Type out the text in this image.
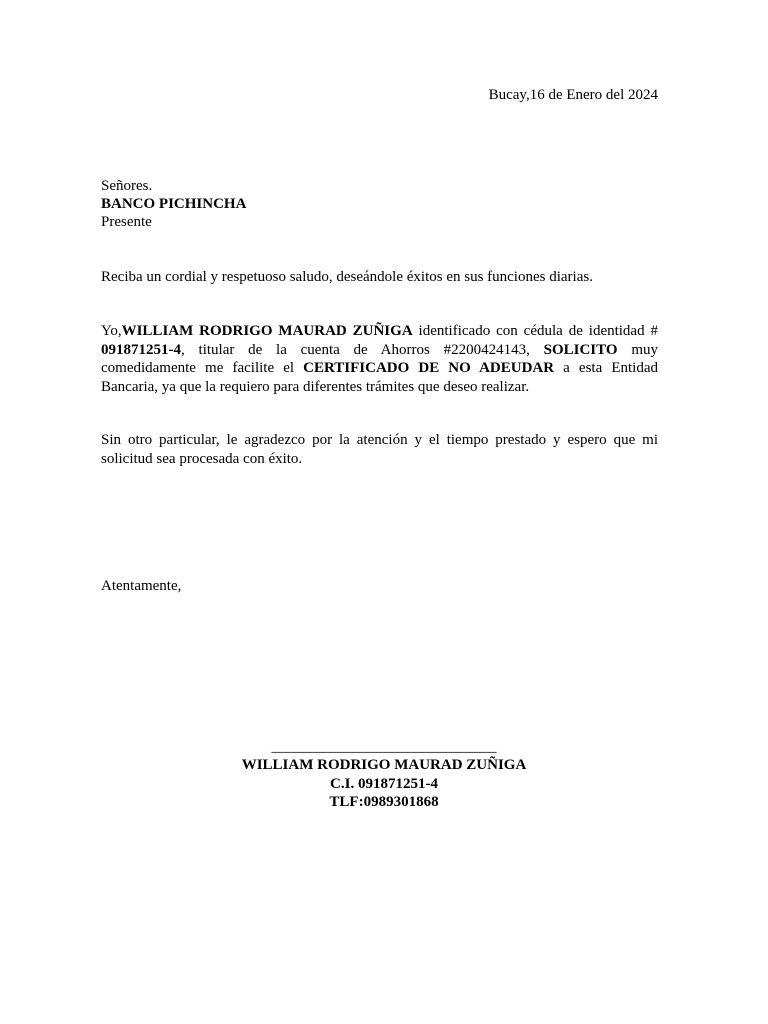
Bucay,16 de Enero del 2024
Señores.
BANCO PICHINCHA
Presente
Reciba un cordial y respetuoso saludo, deseándole éxitos en sus funciones diarias.
Yo,WILLIAM RODRIGO MAURAD ZUÑIGA identificado con cédula de identidad # 091871251-4, titular de la cuenta de Ahorros #2200424143, SOLICITO muy comedidamente me facilite el CERTIFICADO DE NO ADEUDAR a esta Entidad Bancaria, ya que la requiero para diferentes trámites que deseo realizar.
Sin otro particular, le agradezco por la atención y el tiempo prestado y espero que mi solicitud sea procesada con éxito.
Atentamente,
______________________________
WILLIAM RODRIGO MAURAD ZUÑIGA
C.I. 091871251-4
TLF:0989301868
